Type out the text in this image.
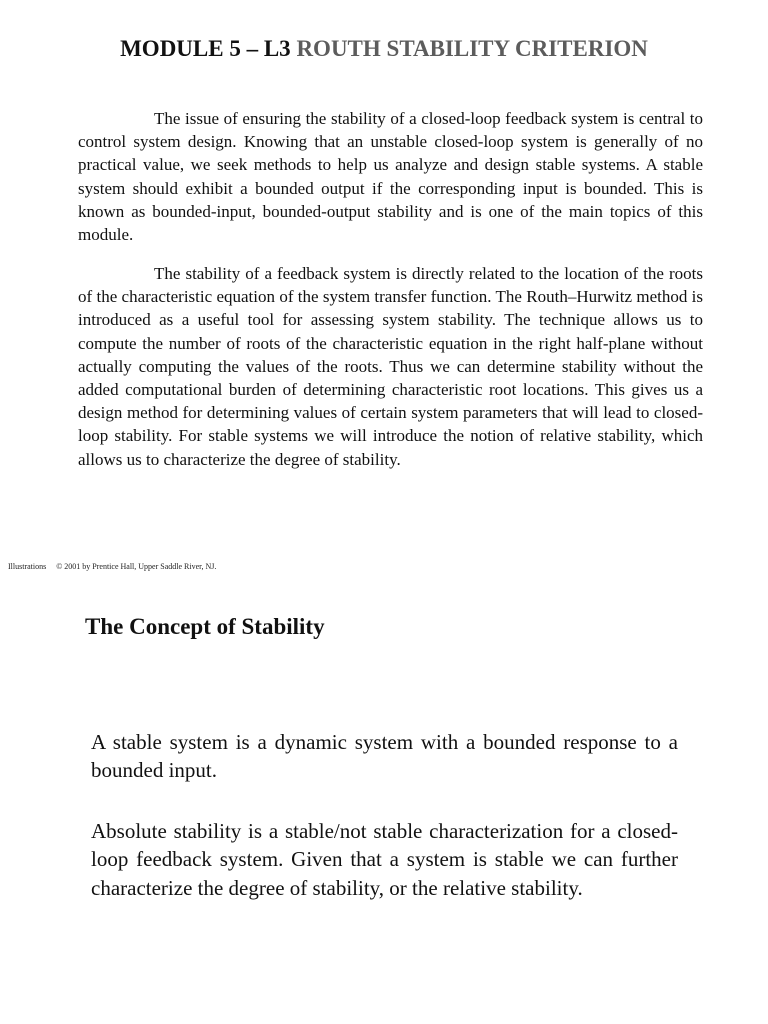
MODULE 5 – L3 ROUTH STABILITY CRITERION

The issue of ensuring the stability of a closed-loop feedback system is central to control system design. Knowing that an unstable closed-loop system is generally of no practical value, we seek methods to help us analyze and design stable systems. A stable system should exhibit a bounded output if the corresponding input is bounded. This is known as bounded-input, bounded-output stability and is one of the main topics of this module.

The stability of a feedback system is directly related to the location of the roots of the characteristic equation of the system transfer function. The Routh–Hurwitz method is introduced as a useful tool for assessing system stability. The technique allows us to compute the number of roots of the characteristic equation in the right half-plane without actually computing the values of the roots. Thus we can determine stability without the added computational burden of determining characteristic root locations. This gives us a design method for determining values of certain system parameters that will lead to closed-loop stability. For stable systems we will introduce the notion of relative stability, which allows us to characterize the degree of stability.

Illustrations © 2001 by Prentice Hall, Upper Saddle River, NJ.
The Concept of Stability

A stable system is a dynamic system with a bounded response to a bounded input.

Absolute stability is a stable/not stable characterization for a closed-loop feedback system. Given that a system is stable we can further characterize the degree of stability, or the relative stability.
